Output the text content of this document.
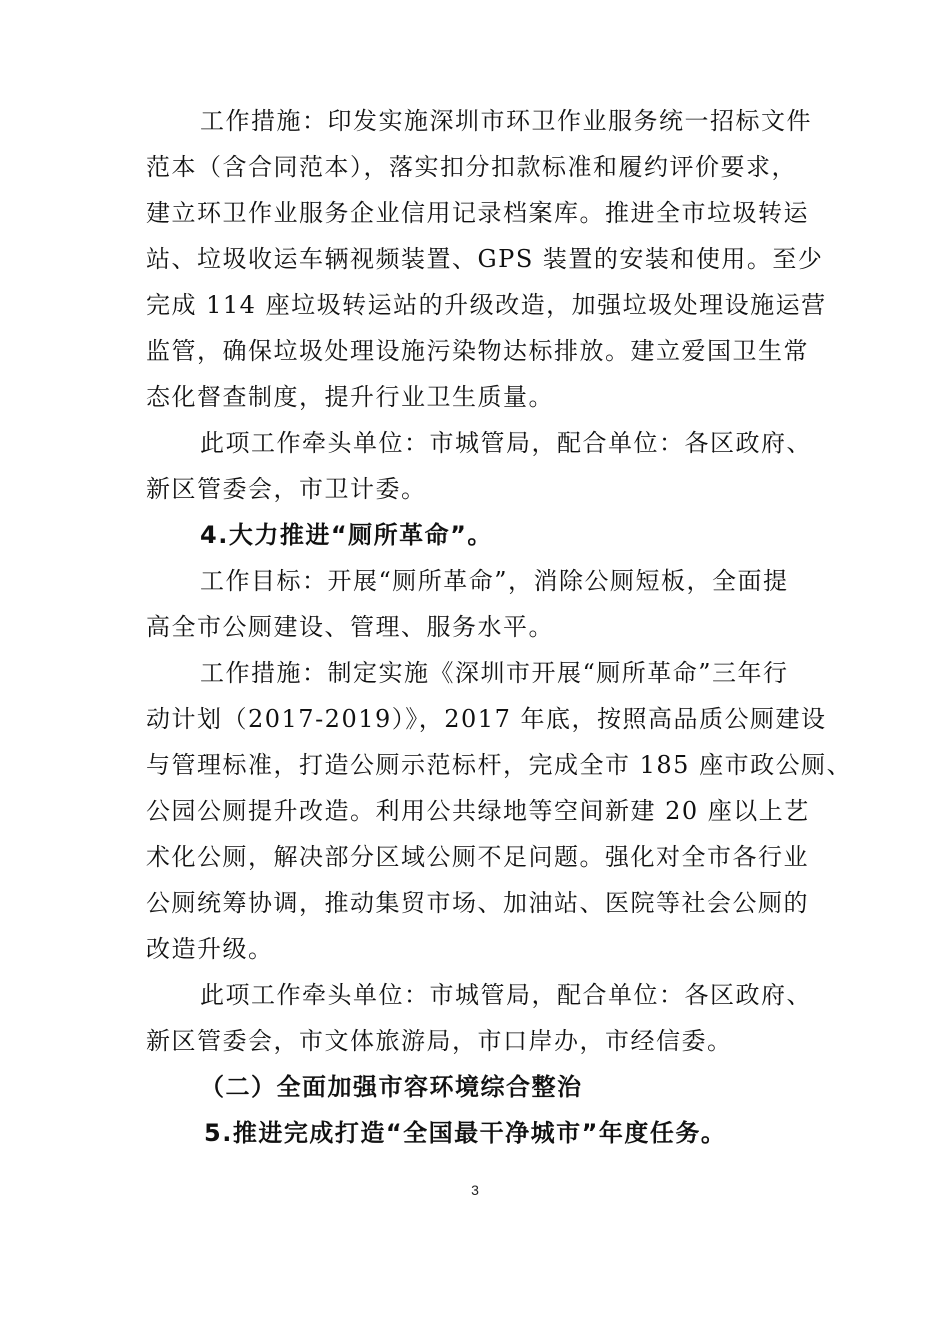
工作措施：印发实施深圳市环卫作业服务统一招标文件
范本（含合同范本），落实扣分扣款标准和履约评价要求，
建立环卫作业服务企业信用记录档案库。推进全市垃圾转运
站、垃圾收运车辆视频装置、GPS 装置的安装和使用。至少
完成 114 座垃圾转运站的升级改造，加强垃圾处理设施运营
监管，确保垃圾处理设施污染物达标排放。建立爱国卫生常
态化督查制度，提升行业卫生质量。

此项工作牵头单位：市城管局，配合单位：各区政府、
新区管委会，市卫计委。

4.大力推进“厕所革命”。

工作目标：开展“厕所革命”，消除公厕短板，全面提
高全市公厕建设、管理、服务水平。

工作措施：制定实施《深圳市开展“厕所革命”三年行
动计划（2017-2019）》，2017 年底，按照高品质公厕建设
与管理标准，打造公厕示范标杆，完成全市 185 座市政公厕、
公园公厕提升改造。利用公共绿地等空间新建 20 座以上艺
术化公厕，解决部分区域公厕不足问题。强化对全市各行业
公厕统筹协调，推动集贸市场、加油站、医院等社会公厕的
改造升级。

此项工作牵头单位：市城管局，配合单位：各区政府、
新区管委会，市文体旅游局，市口岸办，市经信委。

（二）全面加强市容环境综合整治

5.推进完成打造“全国最干净城市”年度任务。

3
